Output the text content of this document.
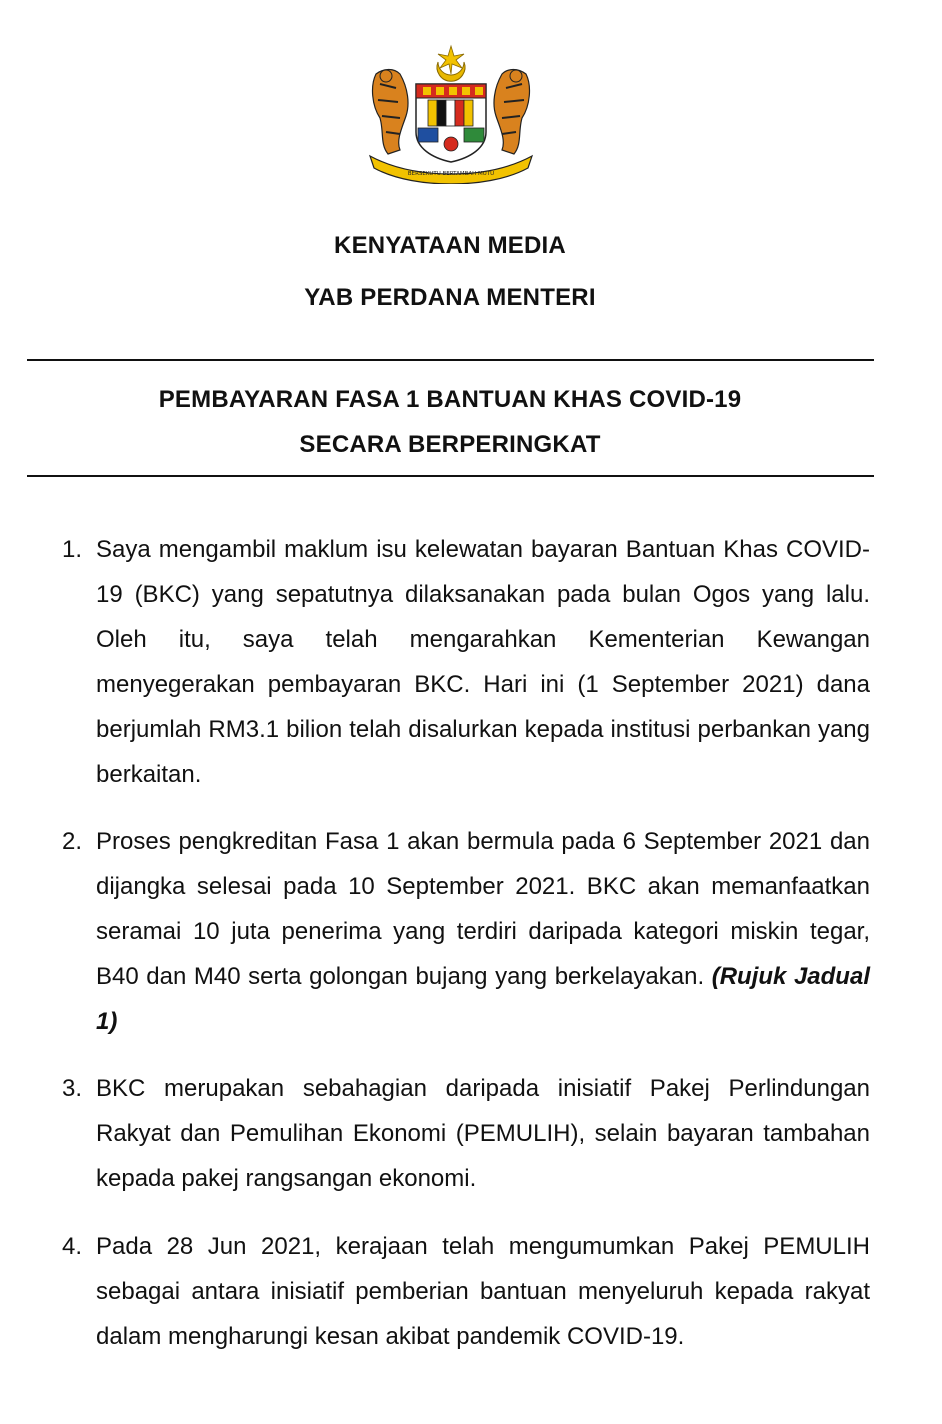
BERSEKUTU BERTAMBAH MUTU
KENYATAAN MEDIA
YAB PERDANA MENTERI
PEMBAYARAN FASA 1 BANTUAN KHAS COVID-19
SECARA BERPERINGKAT
1. Saya mengambil maklum isu kelewatan bayaran Bantuan Khas COVID-19 (BKC) yang sepatutnya dilaksanakan pada bulan Ogos yang lalu. Oleh itu, saya telah mengarahkan Kementerian Kewangan menyegerakan pembayaran BKC. Hari ini (1 September 2021) dana berjumlah RM3.1 bilion telah disalurkan kepada institusi perbankan yang berkaitan.
2. Proses pengkreditan Fasa 1 akan bermula pada 6 September 2021 dan dijangka selesai pada 10 September 2021. BKC akan memanfaatkan seramai 10 juta penerima yang terdiri daripada kategori miskin tegar, B40 dan M40 serta golongan bujang yang berkelayakan. (Rujuk Jadual 1)
3. BKC merupakan sebahagian daripada inisiatif Pakej Perlindungan Rakyat dan Pemulihan Ekonomi (PEMULIH), selain bayaran tambahan kepada pakej rangsangan ekonomi.
4. Pada 28 Jun 2021, kerajaan telah mengumumkan Pakej PEMULIH sebagai antara inisiatif pemberian bantuan menyeluruh kepada rakyat dalam mengharungi kesan akibat pandemik COVID-19.
